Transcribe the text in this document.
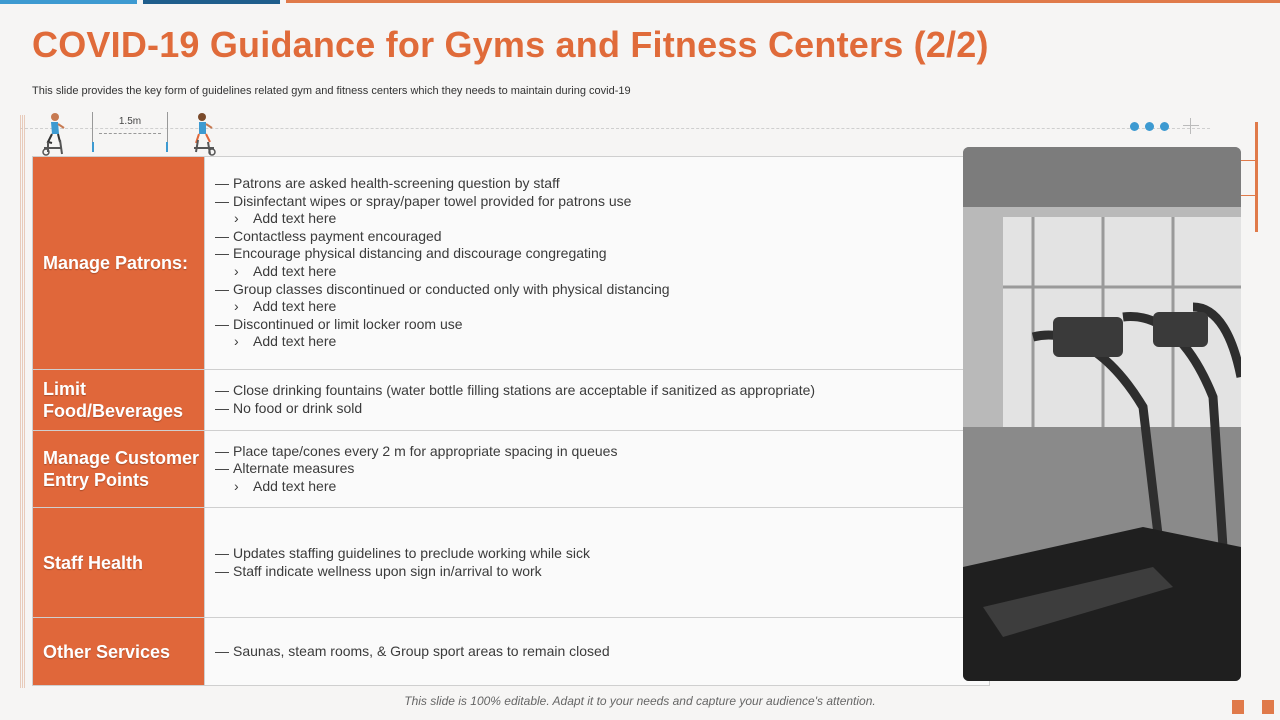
COVID-19 Guidance for Gyms and Fitness Centers (2/2)

This slide provides the key form of guidelines related gym and fitness centers which they needs to maintain during covid-19

1.5m
Manage Patrons:
— Patrons are asked health-screening question by staff
— Disinfectant wipes or spray/paper towel provided for patrons use
› Add text here
— Contactless payment encouraged
— Encourage physical distancing and discourage congregating
› Add text here
— Group classes discontinued or conducted only with physical distancing
› Add text here
— Discontinued or limit locker room use
› Add text here
Limit Food/Beverages
— Close drinking fountains (water bottle filling stations are acceptable if sanitized as appropriate)
— No food or drink sold
Manage Customer Entry Points
— Place tape/cones every 2 m for appropriate spacing in queues
— Alternate measures
› Add text here
Staff Health	— Updates staffing guidelines to preclude working while sick
— Staff indicate wellness upon sign in/arrival to work
Other Services	— Saunas, steam rooms, & Group sport areas to remain closed
This slide is 100% editable. Adapt it to your needs and capture your audience's attention.
